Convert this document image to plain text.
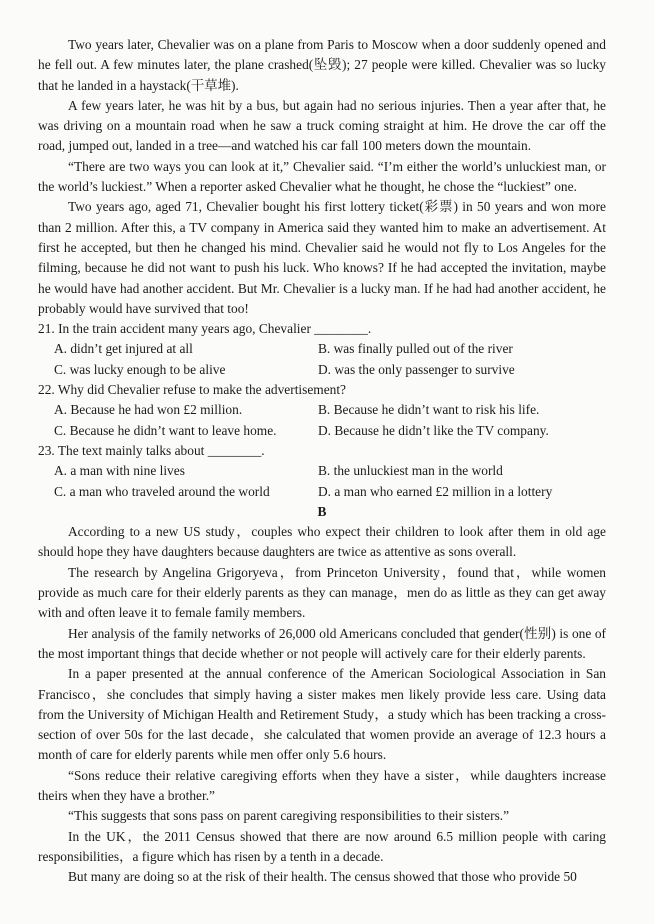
Two years later, Chevalier was on a plane from Paris to Moscow when a door suddenly opened and he fell out. A few minutes later, the plane crashed(坠毁); 27 people were killed. Chevalier was so lucky that he landed in a haystack(干草堆).

A few years later, he was hit by a bus, but again had no serious injuries. Then a year after that, he was driving on a mountain road when he saw a truck coming straight at him. He drove the car off the road, jumped out, landed in a tree—and watched his car fall 100 meters down the mountain.

“There are two ways you can look at it,” Chevalier said. “I’m either the world’s unluckiest man, or the world’s luckiest.” When a reporter asked Chevalier what he thought, he chose the “luckiest” one.

Two years ago, aged 71, Chevalier bought his first lottery ticket(彩票) in 50 years and won more than 2 million. After this, a TV company in America said they wanted him to make an advertisement. At first he accepted, but then he changed his mind. Chevalier said he would not fly to Los Angeles for the filming, because he did not want to push his luck. Who knows? If he had accepted the invitation, maybe he would have had another accident. But Mr. Chevalier is a lucky man. If he had had another accident, he probably would have survived that too!

21. In the train accident many years ago, Chevalier ________.

A. didn’t get injured at all	B. was finally pulled out of the river
C. was lucky enough to be alive	D. was the only passenger to survive

22. Why did Chevalier refuse to make the advertisement?

A. Because he had won £2 million.	B. Because he didn’t want to risk his life.
C. Because he didn’t want to leave home.	D. Because he didn’t like the TV company.

23. The text mainly talks about ________.

A. a man with nine lives	B. the unluckiest man in the world
C. a man who traveled around the world	D. a man who earned £2 million in a lottery

B

According to a new US study，couples who expect their children to look after them in old age should hope they have daughters because daughters are twice as attentive as sons overall.

The research by Angelina Grigoryeva，from Princeton University，found that，while women provide as much care for their elderly parents as they can manage，men do as little as they can get away with and often leave it to female family members.

Her analysis of the family networks of 26,000 old Americans concluded that gender(性别) is one of the most important things that decide whether or not people will actively care for their elderly parents.

In a paper presented at the annual conference of the American Sociological Association in San Francisco，she concludes that simply having a sister makes men likely provide less care. Using data from the University of Michigan Health and Retirement Study，a study which has been tracking a cross-section of over 50s for the last decade，she calculated that women provide an average of 12.3 hours a month of care for elderly parents while men offer only 5.6 hours.

“Sons reduce their relative caregiving efforts when they have a sister，while daughters increase theirs when they have a brother.”

“This suggests that sons pass on parent caregiving responsibilities to their sisters.”

In the UK，the 2011 Census showed that there are now around 6.5 million people with caring responsibilities，a figure which has risen by a tenth in a decade.

But many are doing so at the risk of their health. The census showed that those who provide 50
